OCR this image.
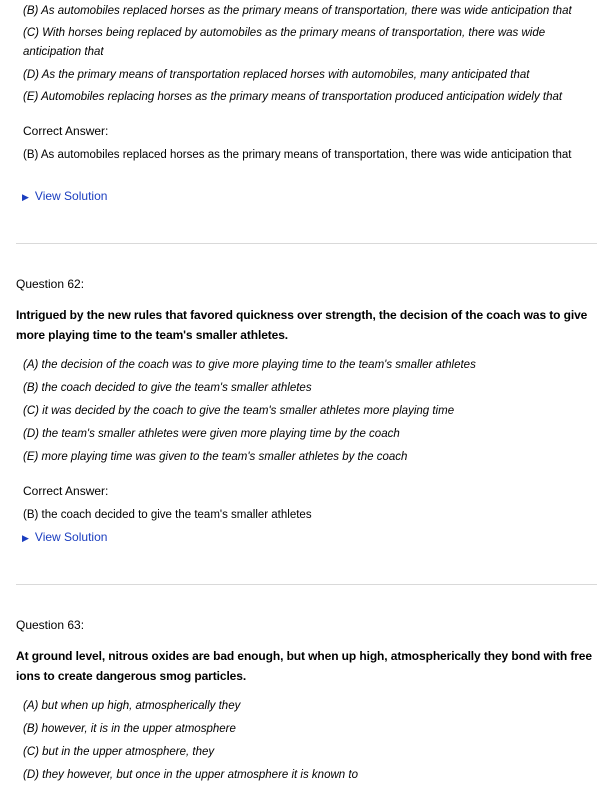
(B) As automobiles replaced horses as the primary means of transportation, there was wide anticipation that
(C) With horses being replaced by automobiles as the primary means of transportation, there was wide anticipation that
(D) As the primary means of transportation replaced horses with automobiles, many anticipated that
(E) Automobiles replacing horses as the primary means of transportation produced anticipation widely that
Correct Answer:
(B) As automobiles replaced horses as the primary means of transportation, there was wide anticipation that
▶ View Solution
Question 62:
Intrigued by the new rules that favored quickness over strength, the decision of the coach was to give more playing time to the team's smaller athletes.
(A) the decision of the coach was to give more playing time to the team's smaller athletes
(B) the coach decided to give the team's smaller athletes
(C) it was decided by the coach to give the team's smaller athletes more playing time
(D) the team's smaller athletes were given more playing time by the coach
(E) more playing time was given to the team's smaller athletes by the coach
Correct Answer:
(B) the coach decided to give the team's smaller athletes
▶ View Solution
Question 63:
At ground level, nitrous oxides are bad enough, but when up high, atmospherically they bond with free ions to create dangerous smog particles.
(A) but when up high, atmospherically they
(B) however, it is in the upper atmosphere
(C) but in the upper atmosphere, they
(D) they however, but once in the upper atmosphere it is known to
